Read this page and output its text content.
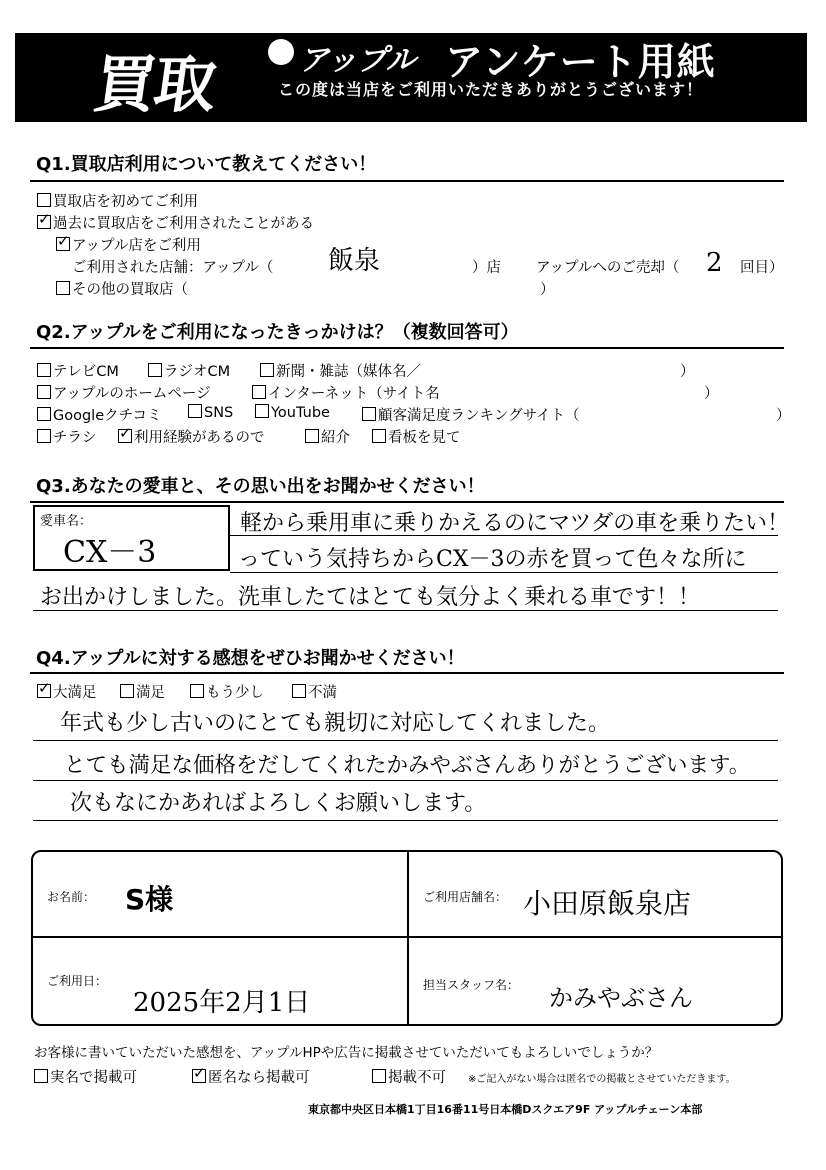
買取	アップル アンケート用紙
この度は当店をご利用いただきありがとうございます！
Q1.買取店利用について教えてください！
買取店を初めてご利用
✓過去に買取店をご利用されたことがある
✓アップル店をご利用
ご利用された店舗：アップル（ 飯泉	）店 アップルへのご売却（ 2 回目）
その他の買取店（	）
Q2.アップルをご利用になったきっかけは？（複数回答可）
テレビCM	ラジオCM	新聞・雑誌（媒体名／	）
アップルのホームページ	インターネット（サイト名	）
Googleクチコミ	SNS	YouTube	顧客満足度ランキングサイト（	）
チラシ ✓	利用経験があるので	紹介	看板を見て
Q3.あなたの愛車と、その思い出をお聞かせください！
愛車名：
CX－3
軽から乗用車に乗りかえるのにマツダの車を乗りたい！
っていう気持ちからCX－3の赤を買って色々な所に
お出かけしました。洗車したてはとても気分よく乗れる車です！！
Q4.アップルに対する感想をぜひお聞かせください！
✓大満足	満足	もう少し	不満
年式も少し古いのにとても親切に対応してくれました。
とても満足な価格をだしてくれたかみやぶさんありがとうございます。
次もなにかあればよろしくお願いします。
お名前： S様	ご利用店舗名： 小田原飯泉店
ご利用日：
2025年2月1日
担当スタッフ名： かみやぶさん
お客様に書いていただいた感想を、アップルHPや広告に掲載させていただいてもよろしいでしょうか？
実名で掲載可 ✓	匿名なら掲載可	掲載不可 ※ご記入がない場合は匿名での掲載とさせていただきます。
東京都中央区日本橋1丁目16番11号日本橋Dスクエア9F アップルチェーン本部
